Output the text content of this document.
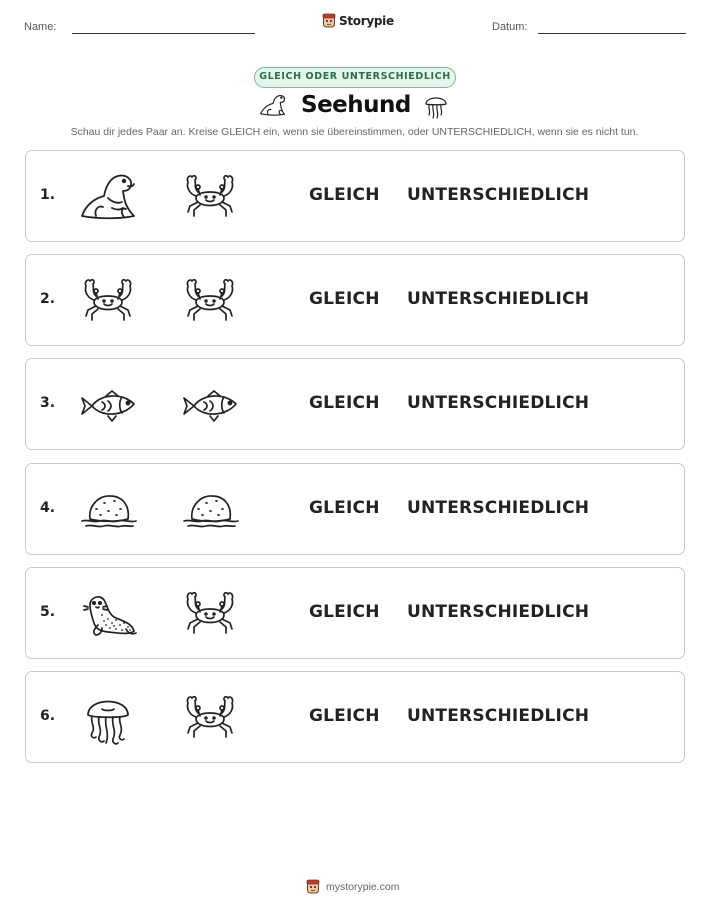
Name:	Storypie	Datum:
GLEICH ODER UNTERSCHIEDLICH
Seehund
Schau dir jedes Paar an. Kreise GLEICH ein, wenn sie übereinstimmen, oder UNTERSCHIEDLICH, wenn sie es nicht tun.
1.	GLEICH UNTERSCHIEDLICH
2.	GLEICH UNTERSCHIEDLICH
3.	GLEICH UNTERSCHIEDLICH
4.	GLEICH UNTERSCHIEDLICH
5.	GLEICH UNTERSCHIEDLICH
6.	GLEICH UNTERSCHIEDLICH
mystorypie.com
